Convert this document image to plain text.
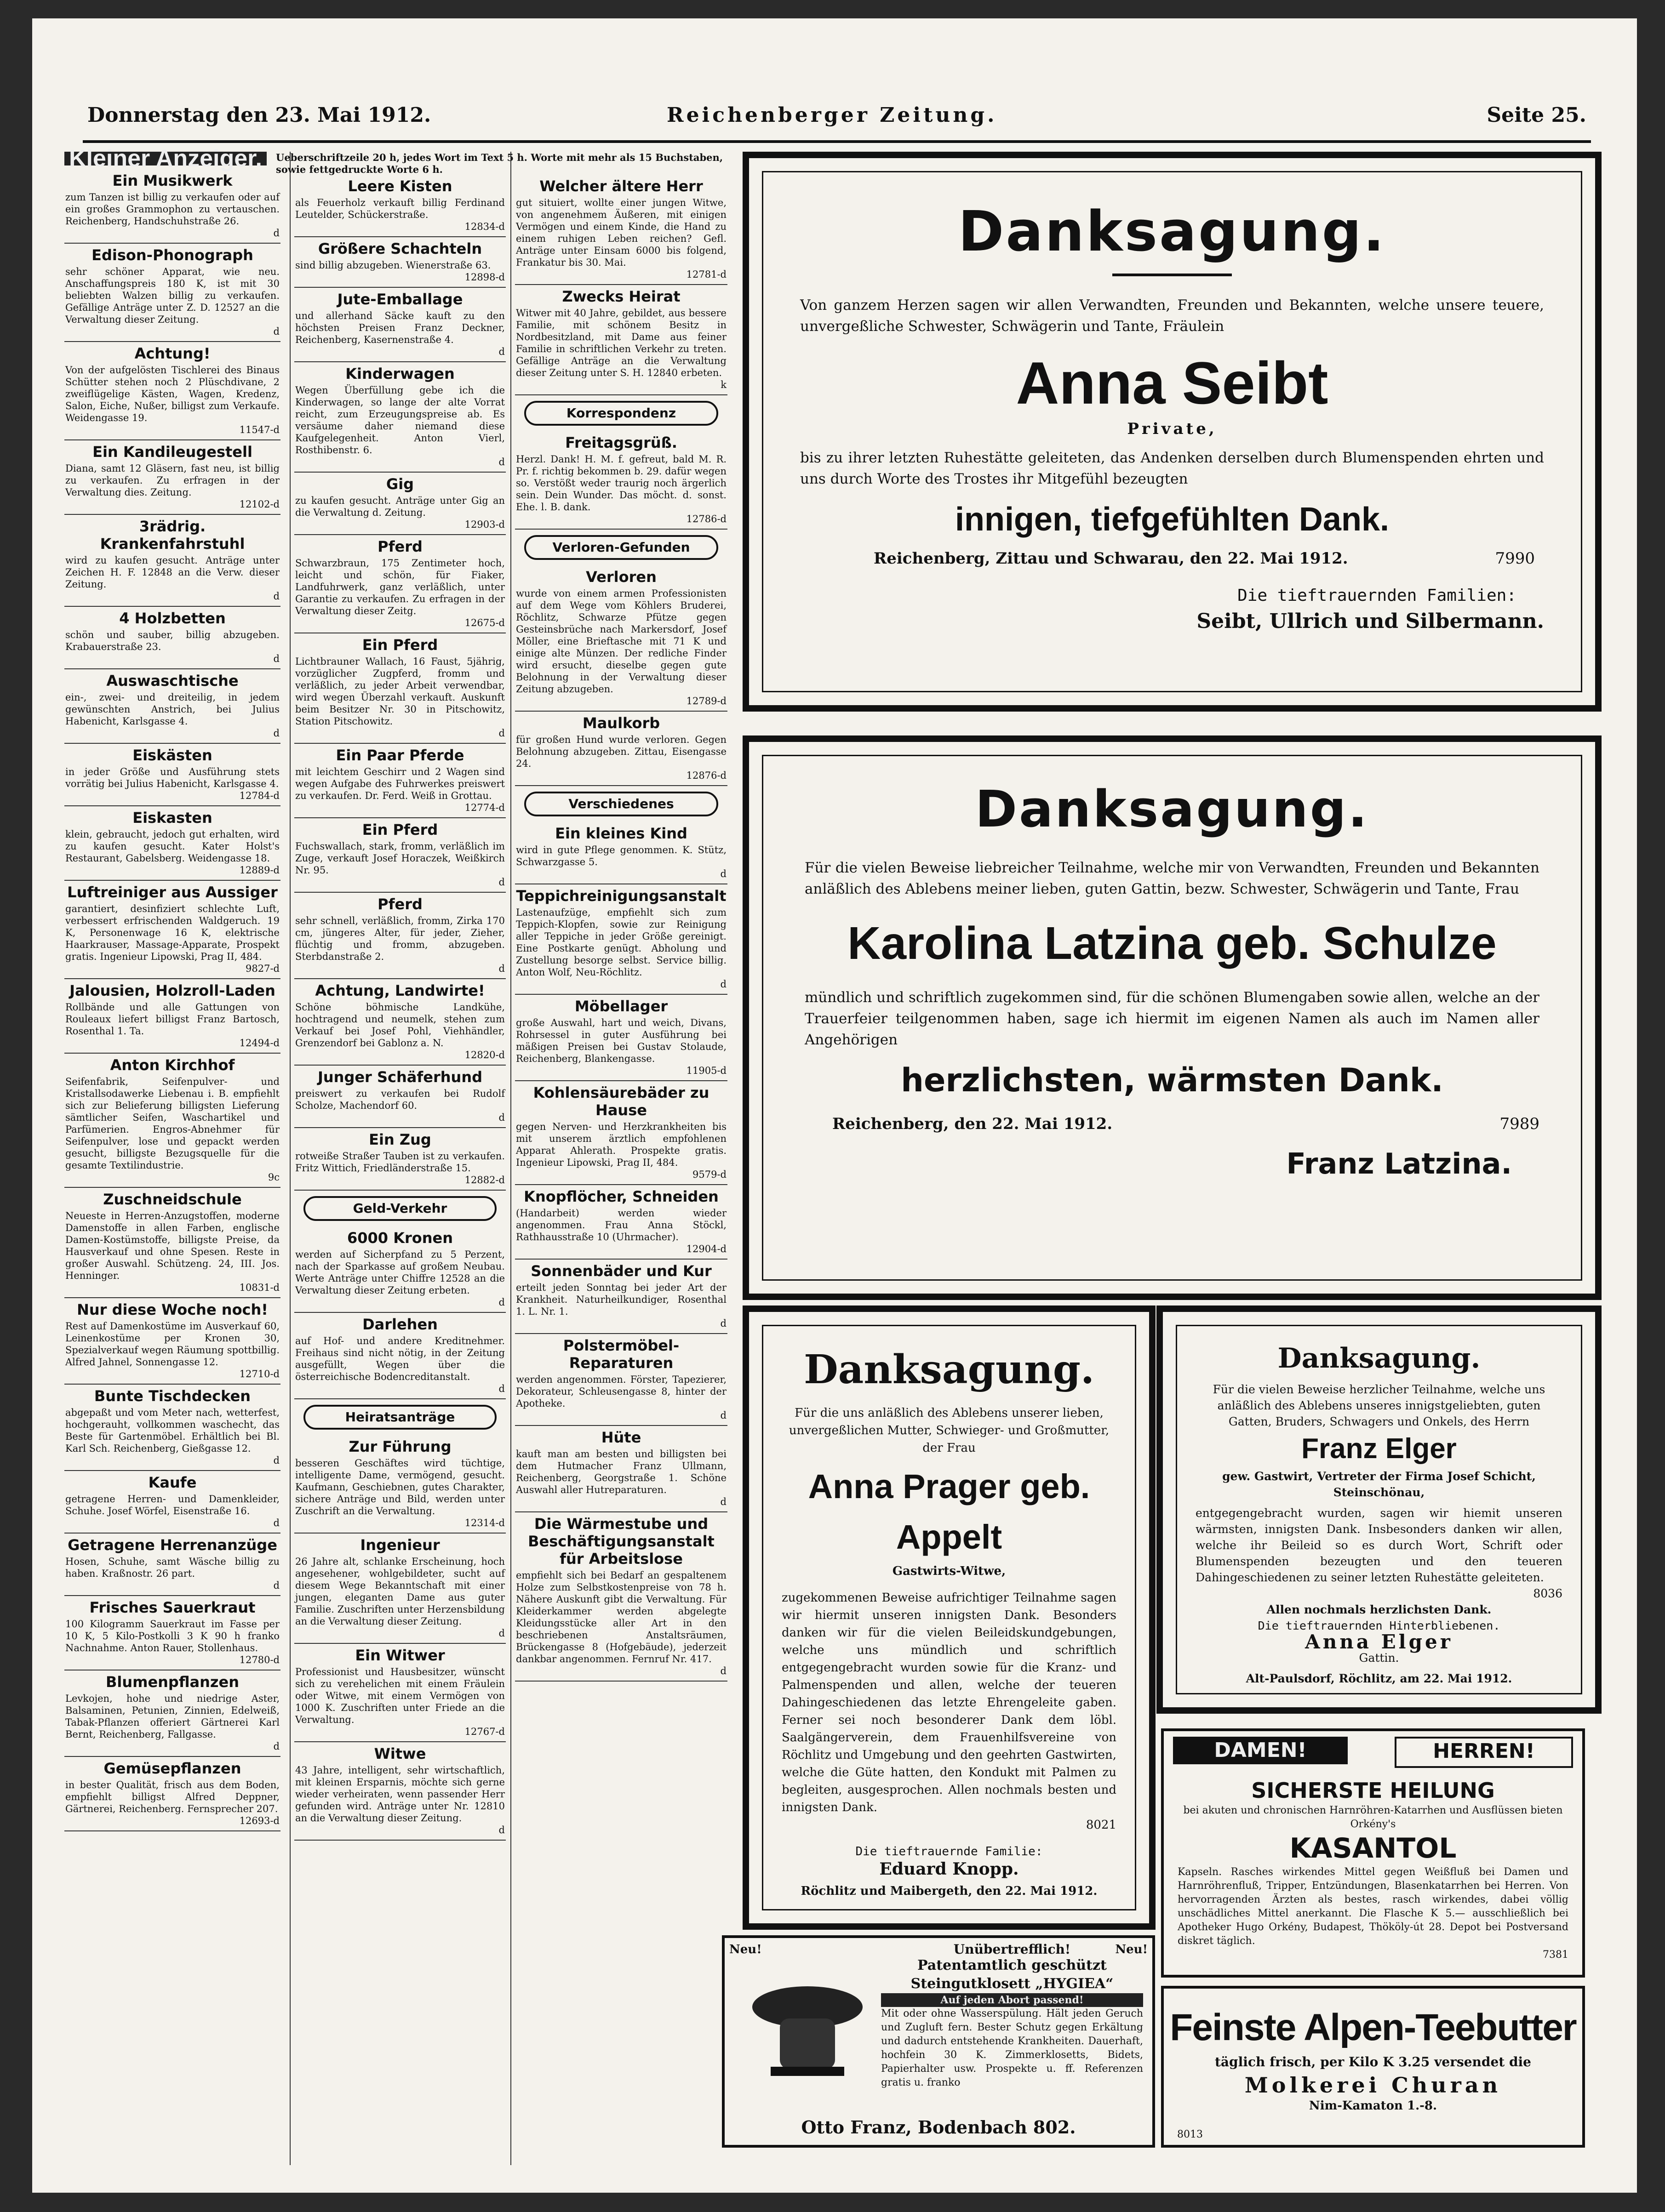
Donnerstag den 23. Mai 1912.	Reichenberger Zeitung.	Seite 25.
Ueberschriftzeile 20 h, jedes Wort im Text 5 h. Worte mit mehr als 15 Buchstaben, sowie fettgedruckte Worte 6 h.
Kleiner Anzeiger.
Ein Musikwerk

zum Tanzen ist billig zu verkaufen oder auf ein großes Grammophon zu vertauschen. Reichenberg, Handschuhstraße 26.

d
Edison-Phonograph

sehr schöner Apparat, wie neu. Anschaffungspreis 180 K, ist mit 30 beliebten Walzen billig zu verkaufen. Gefällige Anträge unter Z. D. 12527 an die Verwaltung dieser Zeitung.

d
Achtung!

Von der aufgelösten Tischlerei des Binaus Schütter stehen noch 2 Plüschdivane, 2 zweiflügelige Kästen, Wagen, Kredenz, Salon, Eiche, Nußer, billigst zum Verkaufe. Weidengasse 19.

11547-d
Ein Kandileugestell

Diana, samt 12 Gläsern, fast neu, ist billig zu verkaufen. Zu erfragen in der Verwaltung dies. Zeitung.

12102-d
3rädrig. Krankenfahrstuhl

wird zu kaufen gesucht. Anträge unter Zeichen H. F. 12848 an die Verw. dieser Zeitung.

d
4 Holzbetten

schön und sauber, billig abzugeben. Krabauerstraße 23.

d
Auswaschtische

ein-, zwei- und dreiteilig, in jedem gewünschten Anstrich, bei Julius Habenicht, Karlsgasse 4.

d
Eiskästen

in jeder Größe und Ausführung stets vorrätig bei Julius Habenicht, Karlsgasse 4.

12784-d
Eiskasten

klein, gebraucht, jedoch gut erhalten, wird zu kaufen gesucht. Kater Holst's Restaurant, Gabelsberg. Weidengasse 18.

12889-d
Luftreiniger aus Aussiger

garantiert, desinfiziert schlechte Luft, verbessert erfrischenden Waldgeruch. 19 K, Personenwage 16 K, elektrische Haarkrauser, Massage-Apparate, Prospekt gratis. Ingenieur Lipowski, Prag II, 484.

9827-d
Jalousien, Holzroll-Laden

Rollbände und alle Gattungen von Rouleaux liefert billigst Franz Bartosch, Rosenthal 1. Ta.

12494-d
Anton Kirchhof

Seifenfabrik, Seifenpulver- und Kristallsodawerke Liebenau i. B. empfiehlt sich zur Belieferung billigsten Lieferung sämtlicher Seifen, Waschartikel und Parfümerien. Engros-Abnehmer für Seifenpulver, lose und gepackt werden gesucht, billigste Bezugsquelle für die gesamte Textilindustrie.

9c
Zuschneidschule

Neueste in Herren-Anzugstoffen, moderne Damenstoffe in allen Farben, englische Damen-Kostümstoffe, billigste Preise, da Hausverkauf und ohne Spesen. Reste in großer Auswahl. Schützeng. 24, III. Jos. Henninger.

10831-d
Nur diese Woche noch!

Rest auf Damenkostüme im Ausverkauf 60, Leinenkostüme per Kronen 30, Spezialverkauf wegen Räumung spottbillig. Alfred Jahnel, Sonnengasse 12.

12710-d
Bunte Tischdecken

abgepaßt und vom Meter nach, wetterfest, hochgerauht, vollkommen waschecht, das Beste für Gartenmöbel. Erhältlich bei Bl. Karl Sch. Reichenberg, Gießgasse 12.

d
Kaufe

getragene Herren- und Damenkleider, Schuhe. Josef Wörfel, Eisenstraße 16.

d
Getragene Herrenanzüge

Hosen, Schuhe, samt Wäsche billig zu haben. Kraßnostr. 26 part.

d
Frisches Sauerkraut

100 Kilogramm Sauerkraut im Fasse per 10 K, 5 Kilo-Postkolli 3 K 90 h franko Nachnahme. Anton Rauer, Stollenhaus.

12780-d
Blumenpflanzen

Levkojen, hohe und niedrige Aster, Balsaminen, Petunien, Zinnien, Edelweiß, Tabak-Pflanzen offeriert Gärtnerei Karl Bernt, Reichenberg, Fallgasse.

d
Gemüsepflanzen

in bester Qualität, frisch aus dem Boden, empfiehlt billigst Alfred Deppner, Gärtnerei, Reichenberg. Fernsprecher 207.

12693-d
Leere Kisten

als Feuerholz verkauft billig Ferdinand Leutelder, Schückerstraße.

12834-d
Größere Schachteln

sind billig abzugeben. Wienerstraße 63.

12898-d
Jute-Emballage

und allerhand Säcke kauft zu den höchsten Preisen Franz Deckner, Reichenberg, Kasernenstraße 4.

d
Kinderwagen

Wegen Überfüllung gebe ich die Kinderwagen, so lange der alte Vorrat reicht, zum Erzeugungspreise ab. Es versäume daher niemand diese Kaufgelegenheit. Anton Vierl, Rosthibenstr. 6.

d
Gig

zu kaufen gesucht. Anträge unter Gig an die Verwaltung d. Zeitung.

12903-d
Pferd

Schwarzbraun, 175 Zentimeter hoch, leicht und schön, für Fiaker, Landfuhrwerk, ganz verläßlich, unter Garantie zu verkaufen. Zu erfragen in der Verwaltung dieser Zeitg.

12675-d
Ein Pferd

Lichtbrauner Wallach, 16 Faust, 5jährig, vorzüglicher Zugpferd, fromm und verläßlich, zu jeder Arbeit verwendbar, wird wegen Überzahl verkauft. Auskunft beim Besitzer Nr. 30 in Pitschowitz, Station Pitschowitz.

d
Ein Paar Pferde

mit leichtem Geschirr und 2 Wagen sind wegen Aufgabe des Fuhrwerkes preiswert zu verkaufen. Dr. Ferd. Weiß in Grottau.

12774-d
Ein Pferd

Fuchswallach, stark, fromm, verläßlich im Zuge, verkauft Josef Horaczek, Weißkirch Nr. 95.

d
Pferd

sehr schnell, verläßlich, fromm, Zirka 170 cm, jüngeres Alter, für jeder, Zieher, flüchtig und fromm, abzugeben. Sterbdanstraße 2.

d
Achtung, Landwirte!

Schöne böhmische Landkühe, hochtragend und neumelk, stehen zum Verkauf bei Josef Pohl, Viehhändler, Grenzendorf bei Gablonz a. N.

12820-d
Junger Schäferhund

preiswert zu verkaufen bei Rudolf Scholze, Machendorf 60.

d
Ein Zug

rotweiße Straßer Tauben ist zu verkaufen. Fritz Wittich, Friedländerstraße 15.

12882-d
Geld-Verkehr
6000 Kronen

werden auf Sicherpfand zu 5 Perzent, nach der Sparkasse auf großem Neubau. Werte Anträge unter Chiffre 12528 an die Verwaltung dieser Zeitung erbeten.

d
Darlehen

auf Hof- und andere Kreditnehmer. Freihaus sind nicht nötig, in der Zeitung ausgefüllt, Wegen über die österreichische Bodencreditanstalt.

d
Heiratsanträge
Zur Führung

besseren Geschäftes wird tüchtige, intelligente Dame, vermögend, gesucht. Kaufmann, Geschiebnen, gutes Charakter, sichere Anträge und Bild, werden unter Zuschrift an die Verwaltung.

12314-d
Ingenieur

26 Jahre alt, schlanke Erscheinung, hoch angesehener, wohlgebildeter, sucht auf diesem Wege Bekanntschaft mit einer jungen, eleganten Dame aus guter Familie. Zuschriften unter Herzensbildung an die Verwaltung dieser Zeitung.

d
Ein Witwer

Professionist und Hausbesitzer, wünscht sich zu verehelichen mit einem Fräulein oder Witwe, mit einem Vermögen von 1000 K. Zuschriften unter Friede an die Verwaltung.

12767-d
Witwe

43 Jahre, intelligent, sehr wirtschaftlich, mit kleinen Ersparnis, möchte sich gerne wieder verheiraten, wenn passender Herr gefunden wird. Anträge unter Nr. 12810 an die Verwaltung dieser Zeitung.

d
Welcher ältere Herr

gut situiert, wollte einer jungen Witwe, von angenehmem Äußeren, mit einigen Vermögen und einem Kinde, die Hand zu einem ruhigen Leben reichen? Gefl. Anträge unter Einsam 6000 bis folgend, Frankatur bis 30. Mai.

12781-d
Zwecks Heirat

Witwer mit 40 Jahre, gebildet, aus bessere Familie, mit schönem Besitz in Nordbesitzland, mit Dame aus feiner Familie in schriftlichen Verkehr zu treten. Gefällige Anträge an die Verwaltung dieser Zeitung unter S. H. 12840 erbeten.

k
Korrespondenz
Freitagsgrüß.

Herzl. Dank! H. M. f. gefreut, bald M. R. Pr. f. richtig bekommen b. 29. dafür wegen so. Verstößt weder traurig noch ärgerlich sein. Dein Wunder. Das möcht. d. sonst. Ehe. l. B. dank.

12786-d
Verloren-Gefunden
Verloren

wurde von einem armen Professionisten auf dem Wege vom Köhlers Bruderei, Röchlitz, Schwarze Pfütze gegen Gesteinsbrüche nach Markersdorf, Josef Möller, eine Brieftasche mit 71 K und einige alte Münzen. Der redliche Finder wird ersucht, dieselbe gegen gute Belohnung in der Verwaltung dieser Zeitung abzugeben.

12789-d
Maulkorb

für großen Hund wurde verloren. Gegen Belohnung abzugeben. Zittau, Eisengasse 24.

12876-d
Verschiedenes
Ein kleines Kind

wird in gute Pflege genommen. K. Stütz, Schwarzgasse 5.

d
Teppichreinigungsanstalt

Lastenaufzüge, empfiehlt sich zum Teppich-Klopfen, sowie zur Reinigung aller Teppiche in jeder Größe gereinigt. Eine Postkarte genügt. Abholung und Zustellung besorge selbst. Service billig. Anton Wolf, Neu-Röchlitz.

d
Möbellager

große Auswahl, hart und weich, Divans, Rohrsessel in guter Ausführung bei mäßigen Preisen bei Gustav Stolaude, Reichenberg, Blankengasse.

11905-d
Kohlensäurebäder zu Hause

gegen Nerven- und Herzkrankheiten bis mit unserem ärztlich empfohlenen Apparat Ahlerath. Prospekte gratis. Ingenieur Lipowski, Prag II, 484.

9579-d
Knopflöcher, Schneiden

(Handarbeit) werden wieder angenommen. Frau Anna Stöckl, Rathhausstraße 10 (Uhrmacher).

12904-d
Sonnenbäder und Kur

erteilt jeden Sonntag bei jeder Art der Krankheit. Naturheilkundiger, Rosenthal 1. L. Nr. 1.

d
Polstermöbel-Reparaturen

werden angenommen. Förster, Tapezierer, Dekorateur, Schleusengasse 8, hinter der Apotheke.

d
Hüte

kauft man am besten und billigsten bei dem Hutmacher Franz Ullmann, Reichenberg, Georgstraße 1. Schöne Auswahl aller Hutreparaturen.

d
Die Wärmestube und Beschäftigungsanstalt für Arbeitslose

empfiehlt sich bei Bedarf an gespaltenem Holze zum Selbstkostenpreise von 78 h. Nähere Auskunft gibt die Verwaltung. Für Kleiderkammer werden abgelegte Kleidungsstücke aller Art in den beschriebenen Anstaltsräumen, Brückengasse 8 (Hofgebäude), jederzeit dankbar angenommen. Fernruf Nr. 417.

d
Danksagung.
Von ganzem Herzen sagen wir allen Verwandten, Freunden und Bekannten, welche unsere teuere, unvergeßliche Schwester, Schwägerin und Tante, Fräulein
Anna Seibt
Private,
bis zu ihrer letzten Ruhestätte geleiteten, das Andenken derselben durch Blumenspenden ehrten und uns durch Worte des Trostes ihr Mitgefühl bezeugten
innigen, tiefgefühlten Dank.
Reichenberg, Zittau und Schwarau, den 22. Mai 1912.	7990
Die tieftrauernden Familien:
Seibt, Ullrich und Silbermann.
Danksagung.
Für die vielen Beweise liebreicher Teilnahme, welche mir von Verwandten, Freunden und Bekannten anläßlich des Ablebens meiner lieben, guten Gattin, bezw. Schwester, Schwägerin und Tante, Frau
Karolina Latzina geb. Schulze
mündlich und schriftlich zugekommen sind, für die schönen Blumengaben sowie allen, welche an der Trauerfeier teilgenommen haben, sage ich hiermit im eigenen Namen als auch im Namen aller Angehörigen
herzlichsten, wärmsten Dank.
Reichenberg, den 22. Mai 1912.	7989
Franz Latzina.
Danksagung.
Für die uns anläßlich des Ablebens unserer lieben, unvergeßlichen Mutter, Schwieger- und Großmutter, der Frau
Anna Prager geb. Appelt
Gastwirts-Witwe,
zugekommenen Beweise aufrichtiger Teilnahme sagen wir hiermit unseren innigsten Dank. Besonders danken wir für die vielen Beileidskundgebungen, welche uns mündlich und schriftlich entgegengebracht wurden sowie für die Kranz- und Palmenspenden und allen, welche der teueren Dahingeschiedenen das letzte Ehrengeleite gaben. Ferner sei noch besonderer Dank dem löbl. Saalgängerverein, dem Frauenhilfsvereine von Röchlitz und Umgebung und den geehrten Gastwirten, welche die Güte hatten, den Kondukt mit Palmen zu begleiten, ausgesprochen. Allen nochmals besten und innigsten Dank.
8021
Die tieftrauernde Familie:
Eduard Knopp.
Röchlitz und Maibergeth, den 22. Mai 1912.
Danksagung.
Für die vielen Beweise herzlicher Teilnahme, welche uns anläßlich des Ablebens unseres innigstgeliebten, guten Gatten, Bruders, Schwagers und Onkels, des Herrn
Franz Elger
gew. Gastwirt, Vertreter der Firma Josef Schicht, Steinschönau,
entgegengebracht wurden, sagen wir hiemit unseren wärmsten, innigsten Dank. Insbesonders danken wir allen, welche ihr Beileid so es durch Wort, Schrift oder Blumenspenden bezeugten und den teueren Dahingeschiedenen zu seiner letzten Ruhestätte geleiteten.
8036
Allen nochmals herzlichsten Dank.
Die tieftrauernden Hinterbliebenen.
Anna Elger
Gattin.
Alt-Paulsdorf, Röchlitz, am 22. Mai 1912.
DAMEN!	HERREN!
SICHERSTE HEILUNG
bei akuten und chronischen Harnröhren-Katarrhen und Ausflüssen bieten Orkény's
KASANTOL
Kapseln. Rasches wirkendes Mittel gegen Weißfluß bei Damen und Harnröhrenfluß, Tripper, Entzündungen, Blasenkatarrhen bei Herren. Von hervorragenden Ärzten als bestes, rasch wirkendes, dabei völlig unschädliches Mittel anerkannt. Die Flasche K 5.— ausschließlich bei Apotheker Hugo Orkény, Budapest, Thököly-út 28. Depot bei Postversand diskret täglich.
7381
Feinste Alpen-Teebutter
täglich frisch, per Kilo K 3.25 versendet die
Molkerei Churan
Nim-Kamaton 1.-8.
Neu!	Neu!
Unübertrefflich!
Patentamtlich geschützt Steingutklosett „HYGIEA“
Auf jeden Abort passend!
Mit oder ohne Wasserspülung. Hält jeden Geruch und Zugluft fern. Bester Schutz gegen Erkältung und dadurch entstehende Krankheiten. Dauerhaft, hochfein 30 K. Zimmerklosetts, Bidets, Papierhalter usw. Prospekte u. ff. Referenzen gratis u. franko
Otto Franz, Bodenbach 802.	8013
